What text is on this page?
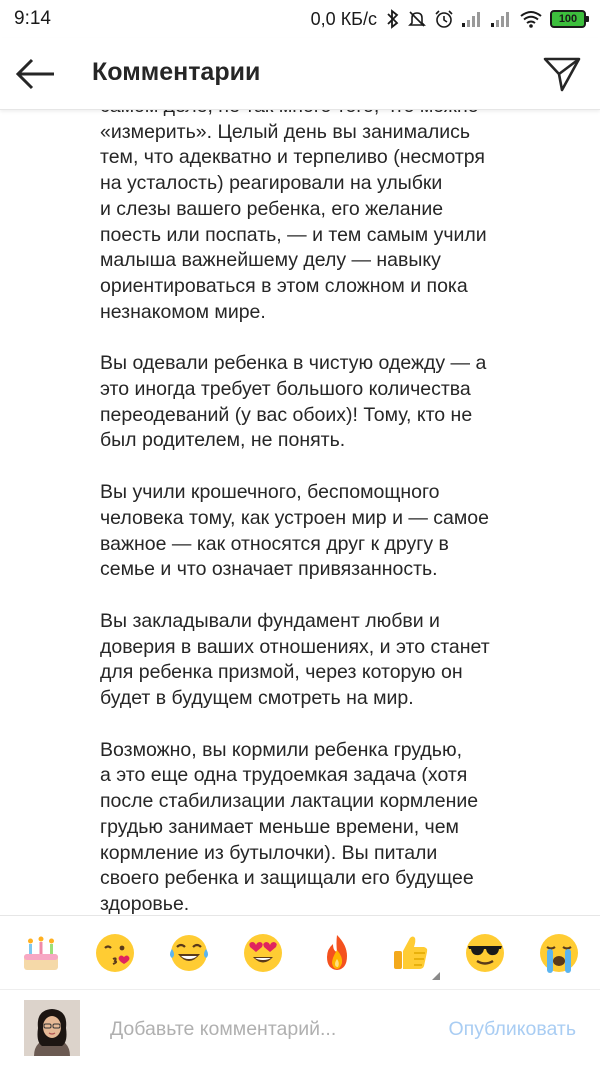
9:14	0,0 КБ/с	100
Комментарии

«измерить». Целый день вы занимались
тем, что адекватно и терпеливо (несмотря
на усталость) реагировали на улыбки
и слезы вашего ребенка, его желание
поесть или поспать, — и тем самым учили
малыша важнейшему делу — навыку
ориентироваться в этом сложном и пока
незнакомом мире.

Вы одевали ребенка в чистую одежду — а
это иногда требует большого количества
переодеваний (у вас обоих)! Тому, кто не
был родителем, не понять.

Вы учили крошечного, беспомощного
человека тому, как устроен мир и — самое
важное — как относятся друг к другу в
семье и что означает привязанность.

Вы закладывали фундамент любви и
доверия в ваших отношениях, и это станет
для ребенка призмой, через которую он
будет в будущем смотреть на мир.

Возможно, вы кормили ребенка грудью,
а это еще одна трудоемкая задача (хотя
после стабилизации лактации кормление
грудью занимает меньше времени, чем
кормление из бутылочки). Вы питали
своего ребенка и защищали его будущее
здоровье.

Добавьте комментарий...
Опубликовать
